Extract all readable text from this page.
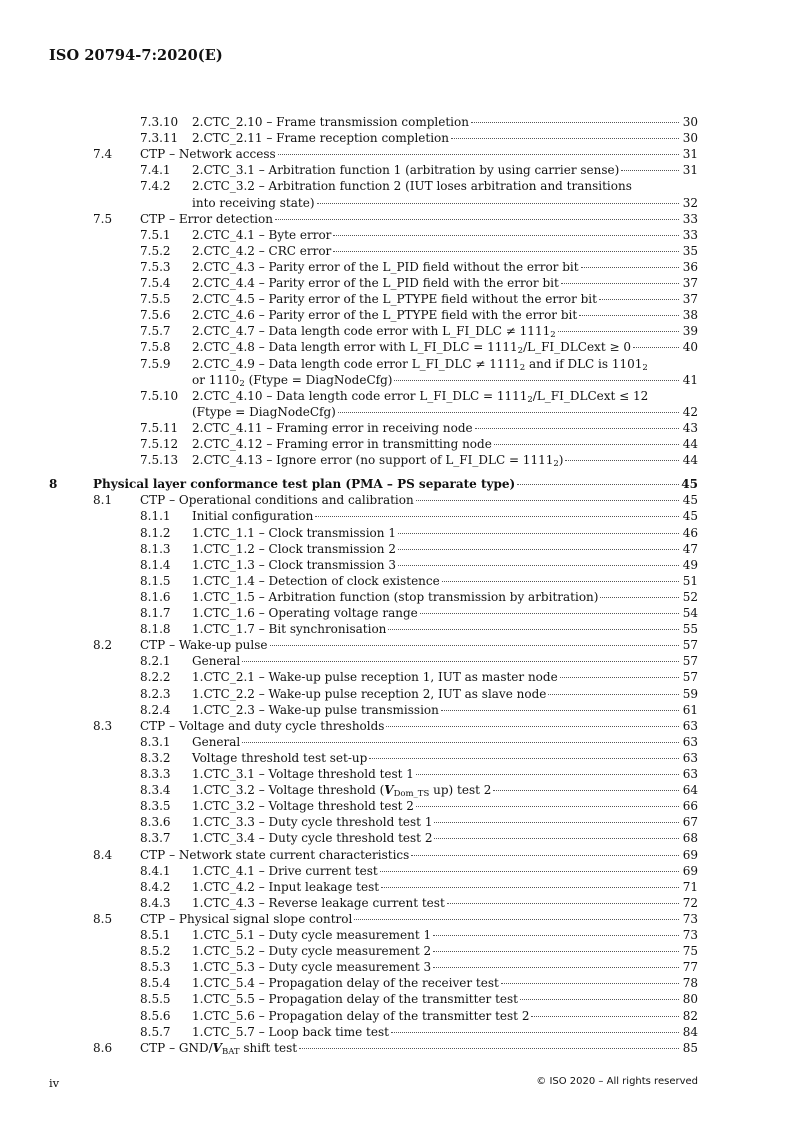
ISO 20794-7:2020(E)
7.3.10 2.CTC_2.10 – Frame transmission completion	30
7.3.11 2.CTC_2.11 – Frame reception completion	30
7.4 CTP – Network access	31
7.4.1 2.CTC_3.1 – Arbitration function 1 (arbitration by using carrier sense)	31
7.4.2 2.CTC_3.2 – Arbitration function 2 (IUT loses arbitration and transitions
into receiving state)	32
7.5 CTP – Error detection	33
7.5.1 2.CTC_4.1 – Byte error	33
7.5.2 2.CTC_4.2 – CRC error	35
7.5.3 2.CTC_4.3 – Parity error of the L_PID field without the error bit	36
7.5.4 2.CTC_4.4 – Parity error of the L_PID field with the error bit	37
7.5.5 2.CTC_4.5 – Parity error of the L_PTYPE field without the error bit	37
7.5.6 2.CTC_4.6 – Parity error of the L_PTYPE field with the error bit	38
7.5.7 2.CTC_4.7 – Data length code error with L_FI_DLC ≠ $1111_2$	39
7.5.8 2.CTC_4.8 – Data length error with L_FI_DLC = $1111_2/L\_FI\_DLCext \ge 0$	40
7.5.9 2.CTC_4.9 – Data length code error L_FI_DLC ≠ $1111_2$ and if DLC is $1101_2$
or $1110_2$ (Ftype = DiagNodeCfg)	41
7.5.10 2.CTC_4.10 – Data length code error L_FI_DLC = $1111_2/L\_FI\_DLCext \le 12$
(Ftype = DiagNodeCfg)	42
7.5.11 2.CTC_4.11 – Framing error in receiving node	43
7.5.12 2.CTC_4.12 – Framing error in transmitting node	44
7.5.13 2.CTC_4.13 – Ignore error (no support of L_FI_DLC = $1111_2$)	44
8	Physical layer conformance test plan (PMA – PS separate type)	45
8.1 CTP – Operational conditions and calibration	45
8.1.1 Initial configuration	45
8.1.2 1.CTC_1.1 – Clock transmission 1	46
8.1.3 1.CTC_1.2 – Clock transmission 2	47
8.1.4 1.CTC_1.3 – Clock transmission 3	49
8.1.5 1.CTC_1.4 – Detection of clock existence	51
8.1.6 1.CTC_1.5 – Arbitration function (stop transmission by arbitration)	52
8.1.7 1.CTC_1.6 – Operating voltage range	54
8.1.8 1.CTC_1.7 – Bit synchronisation	55
8.2 CTP – Wake-up pulse	57
8.2.1 General	57
8.2.2 1.CTC_2.1 – Wake-up pulse reception 1, IUT as master node	57
8.2.3 1.CTC_2.2 – Wake-up pulse reception 2, IUT as slave node	59
8.2.4 1.CTC_2.3 – Wake-up pulse transmission	61
8.3 CTP – Voltage and duty cycle thresholds	63
8.3.1 General	63
8.3.2 Voltage threshold test set-up	63
8.3.3 1.CTC_3.1 – Voltage threshold test 1	63
8.3.4 1.CTC_3.2 – Voltage threshold ($V_{Dom\_TS}$ up) test 2	64
8.3.5 1.CTC_3.2 – Voltage threshold test 2	66
8.3.6 1.CTC_3.3 – Duty cycle threshold test 1	67
8.3.7 1.CTC_3.4 – Duty cycle threshold test 2	68
8.4 CTP – Network state current characteristics	69
8.4.1 1.CTC_4.1 – Drive current test	69
8.4.2 1.CTC_4.2 – Input leakage test	71
8.4.3 1.CTC_4.3 – Reverse leakage current test	72
8.5 CTP – Physical signal slope control	73
8.5.1 1.CTC_5.1 – Duty cycle measurement 1	73
8.5.2 1.CTC_5.2 – Duty cycle measurement 2	75
8.5.3 1.CTC_5.3 – Duty cycle measurement 3	77
8.5.4 1.CTC_5.4 – Propagation delay of the receiver test	78
8.5.5 1.CTC_5.5 – Propagation delay of the transmitter test	80
8.5.6 1.CTC_5.6 – Propagation delay of the transmitter test 2	82
8.5.7 1.CTC_5.7 – Loop back time test	84
8.6 CTP – GND/$V_{BAT}$ shift test	85
iv	© ISO 2020 – All rights reserved
